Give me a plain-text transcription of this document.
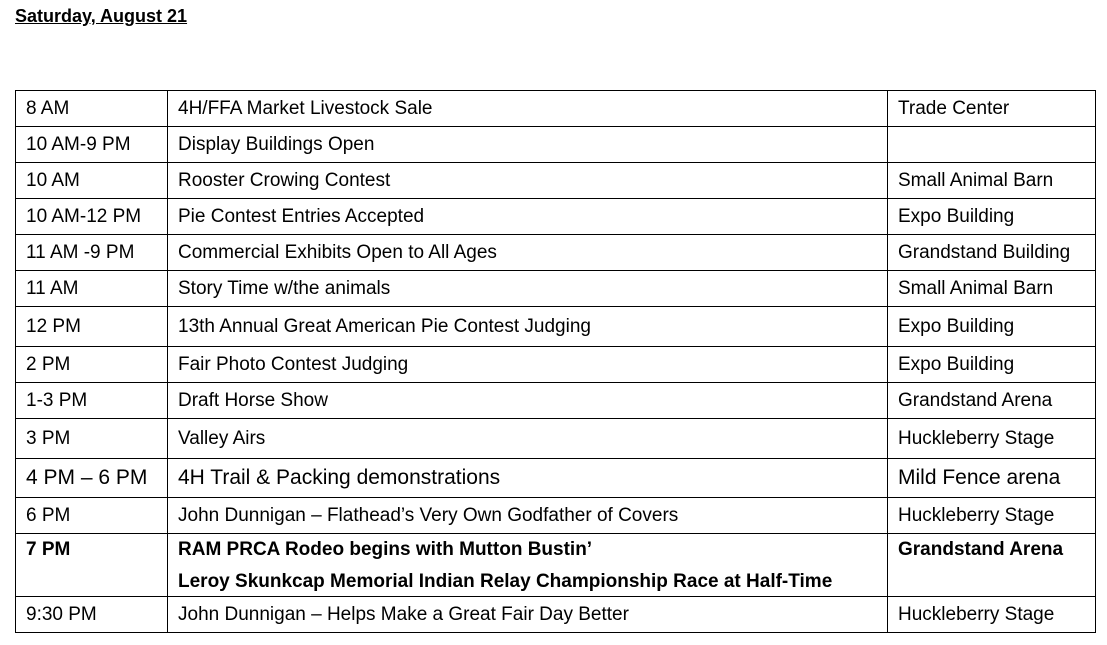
Saturday, August 21
8 AM	4H/FFA Market Livestock Sale	Trade Center
10 AM-9 PM	Display Buildings Open	
10 AM	Rooster Crowing Contest	Small Animal Barn
10 AM-12 PM	Pie Contest Entries Accepted	Expo Building
11 AM -9 PM	Commercial Exhibits Open to All Ages	Grandstand Building
11 AM	Story Time w/the animals	Small Animal Barn
12 PM	13th Annual Great American Pie Contest Judging	Expo Building
2 PM	Fair Photo Contest Judging	Expo Building
1-3 PM	Draft Horse Show	Grandstand Arena
3 PM	Valley Airs	Huckleberry Stage
4 PM – 6 PM	4H Trail & Packing demonstrations	Mild Fence arena
6 PM	John Dunnigan – Flathead’s Very Own Godfather of Covers	Huckleberry Stage
7 PM	RAM PRCA Rodeo begins with Mutton Bustin’
Leroy Skunkcap Memorial Indian Relay Championship Race at Half-Time	Grandstand Arena
9:30 PM	John Dunnigan – Helps Make a Great Fair Day Better	Huckleberry Stage
